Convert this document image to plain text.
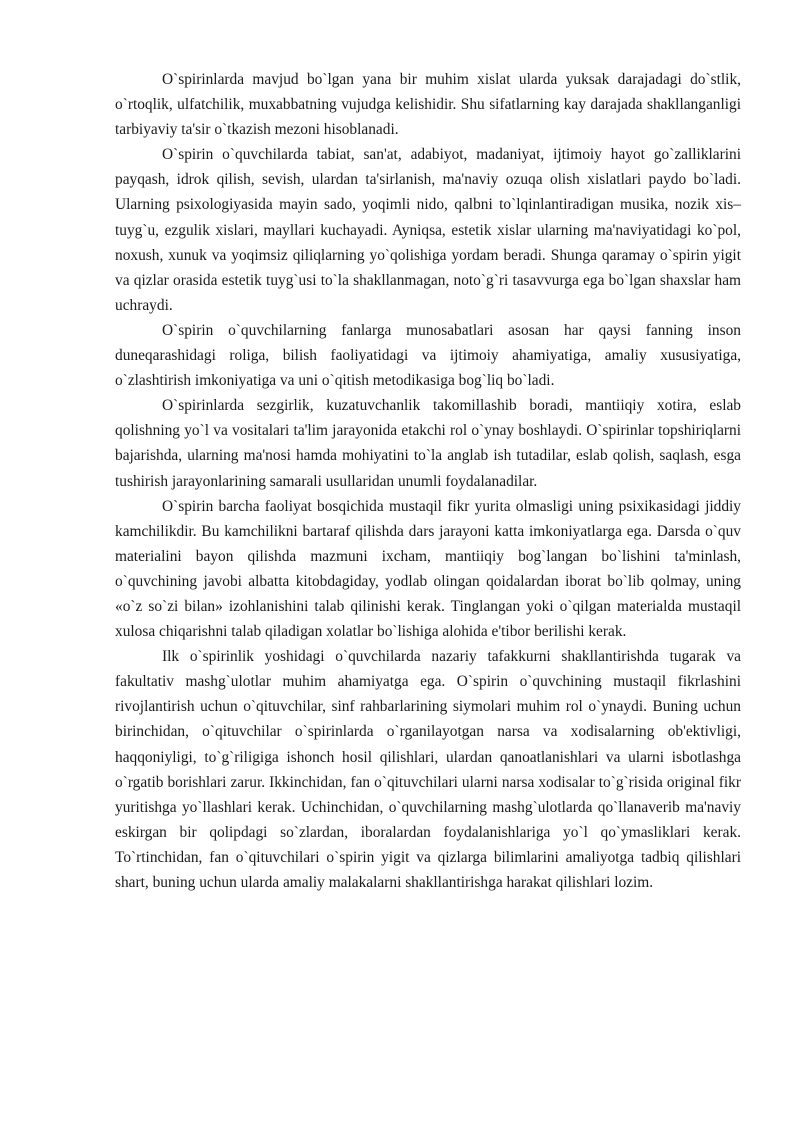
O`spirinlarda mavjud bo`lgan yana bir muhim xislat ularda yuksak darajadagi do`stlik, o`rtoqlik, ulfatchilik, muxabbatning vujudga kelishidir. Shu sifatlarning kay darajada shakllanganligi tarbiyaviy ta'sir o`tkazish mezoni hisoblanadi.

O`spirin o`quvchilarda tabiat, san'at, adabiyot, madaniyat, ijtimoiy hayot go`zalliklarini payqash, idrok qilish, sevish, ulardan ta'sirlanish, ma'naviy ozuqa olish xislatlari paydo bo`ladi. Ularning psixologiyasida mayin sado, yoqimli nido, qalbni to`lqinlantiradigan musika, nozik xis–tuyg`u, ezgulik xislari, mayllari kuchayadi. Ayniqsa, estetik xislar ularning ma'naviyatidagi ko`pol, noxush, xunuk va yoqimsiz qiliqlarning yo`qolishiga yordam beradi. Shunga qaramay o`spirin yigit va qizlar orasida estetik tuyg`usi to`la shakllanmagan, noto`g`ri tasavvurga ega bo`lgan shaxslar ham uchraydi.

O`spirin o`quvchilarning fanlarga munosabatlari asosan har qaysi fanning inson duneqarashidagi roliga, bilish faoliyatidagi va ijtimoiy ahamiyatiga, amaliy xususiyatiga, o`zlashtirish imkoniyatiga va uni o`qitish metodikasiga bog`liq bo`ladi.

O`spirinlarda sezgirlik, kuzatuvchanlik takomillashib boradi, mantiiqiy xotira, eslab qolishning yo`l va vositalari ta'lim jarayonida etakchi rol o`ynay boshlaydi. O`spirinlar topshiriqlarni bajarishda, ularning ma'nosi hamda mohiyatini to`la anglab ish tutadilar, eslab qolish, saqlash, esga tushirish jarayonlarining samarali usullaridan unumli foydalanadilar.

O`spirin barcha faoliyat bosqichida mustaqil fikr yurita olmasligi uning psixikasidagi jiddiy kamchilikdir. Bu kamchilikni bartaraf qilishda dars jarayoni katta imkoniyatlarga ega. Darsda o`quv materialini bayon qilishda mazmuni ixcham, mantiiqiy bog`langan bo`lishini ta'minlash, o`quvchining javobi albatta kitobdagiday, yodlab olingan qoidalardan iborat bo`lib qolmay, uning «o`z so`zi bilan» izohlanishini talab qilinishi kerak. Tinglangan yoki o`qilgan materialda mustaqil xulosa chiqarishni talab qiladigan xolatlar bo`lishiga alohida e'tibor berilishi kerak.

Ilk o`spirinlik yoshidagi o`quvchilarda nazariy tafakkurni shakllantirishda tugarak va fakultativ mashg`ulotlar muhim ahamiyatga ega. O`spirin o`quvchining mustaqil fikrlashini rivojlantirish uchun o`qituvchilar, sinf rahbarlarining siymolari muhim rol o`ynaydi. Buning uchun birinchidan, o`qituvchilar o`spirinlarda o`rganilayotgan narsa va xodisalarning ob'ektivligi, haqqoniyligi, to`g`riligiga ishonch hosil qilishlari, ulardan qanoatlanishlari va ularni isbotlashga o`rgatib borishlari zarur. Ikkinchidan, fan o`qituvchilari ularni narsa xodisalar to`g`risida original fikr yuritishga yo`llashlari kerak. Uchinchidan, o`quvchilarning mashg`ulotlarda qo`llanaverib ma'naviy eskirgan bir qolipdagi so`zlardan, iboralardan foydalanishlariga yo`l qo`ymasliklari kerak. To`rtinchidan, fan o`qituvchilari o`spirin yigit va qizlarga bilimlarini amaliyotga tadbiq qilishlari shart, buning uchun ularda amaliy malakalarni shakllantirishga harakat qilishlari lozim.
